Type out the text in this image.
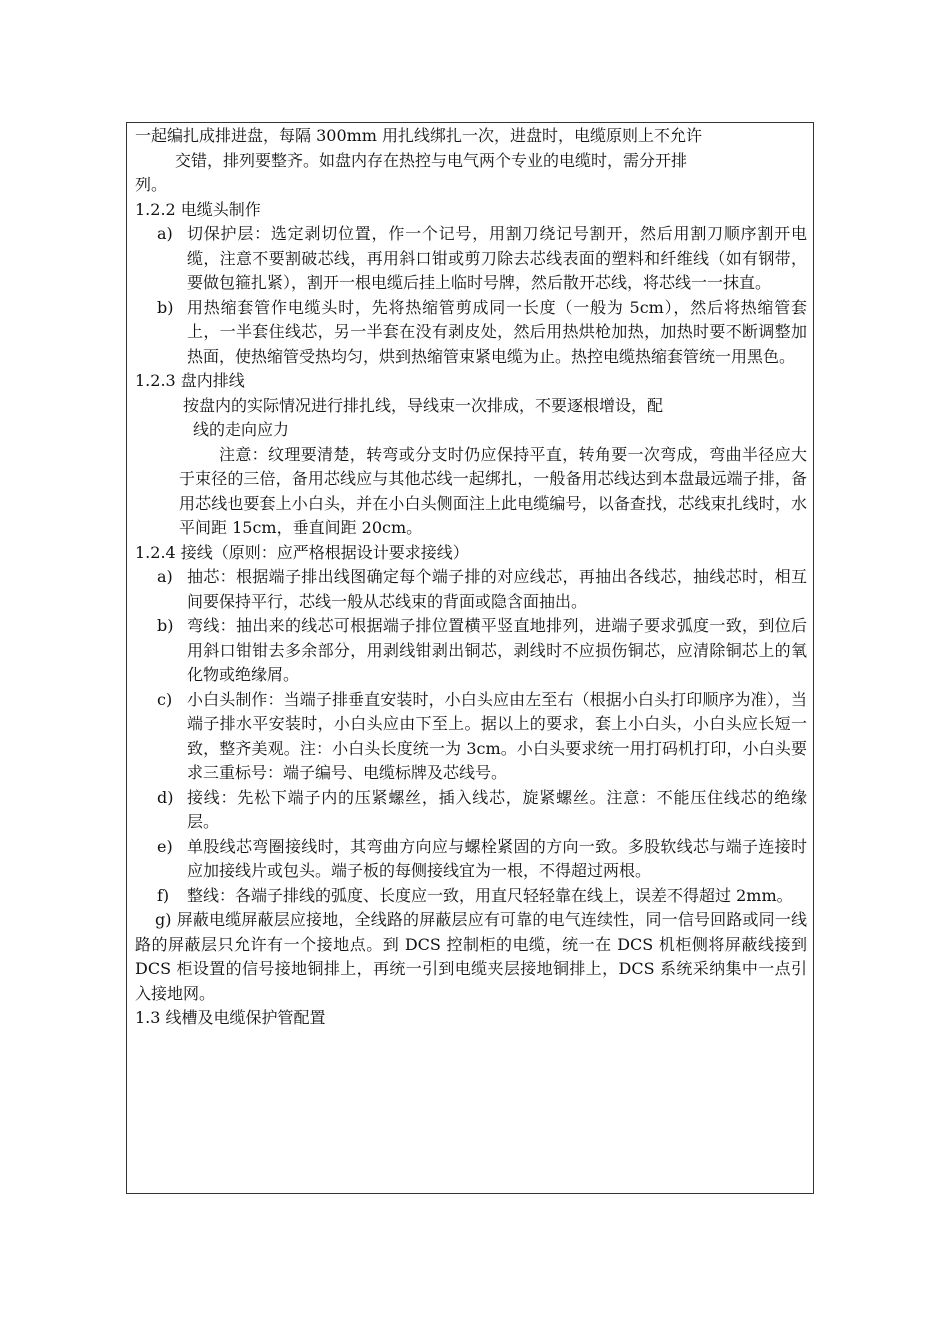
一起编扎成排进盘，每隔 300mm 用扎线绑扎一次，进盘时，电缆原则上不允许
交错，排列要整齐。如盘内存在热控与电气两个专业的电缆时，需分开排
列。

1.2.2 电缆头制作

a) 切保护层：选定剥切位置，作一个记号，用割刀绕记号割开，然后用割刀顺序割开电缆，注意不要割破芯线，再用斜口钳或剪刀除去芯线表面的塑料和纤维线（如有钢带，要做包箍扎紧），割开一根电缆后挂上临时号牌，然后散开芯线，将芯线一一抹直。

b) 用热缩套管作电缆头时，先将热缩管剪成同一长度（一般为 5cm），然后将热缩管套上，一半套住线芯，另一半套在没有剥皮处，然后用热烘枪加热，加热时要不断调整加热面，使热缩管受热均匀，烘到热缩管束紧电缆为止。热控电缆热缩套管统一用黑色。

1.2.3 盘内排线

按盘内的实际情况进行排扎线，导线束一次排成，不要逐根增设，配

线的走向应力

注意：纹理要清楚，转弯或分支时仍应保持平直，转角要一次弯成，弯曲半径应大于束径的三倍，备用芯线应与其他芯线一起绑扎，一般备用芯线达到本盘最远端子排，备用芯线也要套上小白头，并在小白头侧面注上此电缆编号，以备查找，芯线束扎线时，水平间距 15cm，垂直间距 20cm。

1.2.4 接线（原则：应严格根据设计要求接线）

a) 抽芯：根据端子排出线图确定每个端子排的对应线芯，再抽出各线芯，抽线芯时，相互间要保持平行，芯线一般从芯线束的背面或隐含面抽出。

b) 弯线：抽出来的线芯可根据端子排位置横平竖直地排列，进端子要求弧度一致，到位后用斜口钳钳去多余部分，用剥线钳剥出铜芯，剥线时不应损伤铜芯，应清除铜芯上的氧化物或绝缘屑。

c) 小白头制作：当端子排垂直安装时，小白头应由左至右（根据小白头打印顺序为准），当端子排水平安装时，小白头应由下至上。据以上的要求，套上小白头，小白头应长短一致，整齐美观。注：小白头长度统一为 3cm。小白头要求统一用打码机打印，小白头要求三重标号：端子编号、电缆标牌及芯线号。

d) 接线：先松下端子内的压紧螺丝，插入线芯，旋紧螺丝。注意：不能压住线芯的绝缘层。

e) 单股线芯弯圈接线时，其弯曲方向应与螺栓紧固的方向一致。多股软线芯与端子连接时应加接线片或包头。端子板的每侧接线宜为一根，不得超过两根。

f) 整线：各端子排线的弧度、长度应一致，用直尺轻轻靠在线上，误差不得超过 2mm。

g) 屏蔽电缆屏蔽层应接地，全线路的屏蔽层应有可靠的电气连续性，同一信号回路或同一线路的屏蔽层只允许有一个接地点。到 DCS 控制柜的电缆，统一在 DCS 机柜侧将屏蔽线接到 DCS 柜设置的信号接地铜排上，再统一引到电缆夹层接地铜排上，DCS 系统采纳集中一点引入接地网。

1.3 线槽及电缆保护管配置
